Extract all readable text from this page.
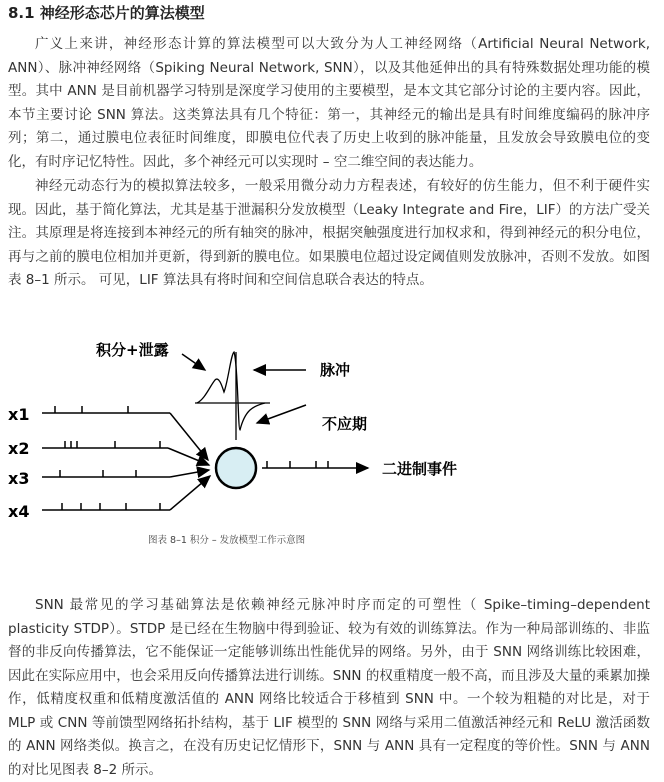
8.1 神经形态芯片的算法模型

广义上来讲，神经形态计算的算法模型可以大致分为人工神经网络（Artificial Neural Network, ANN）、脉冲神经网络（Spiking Neural Network, SNN），以及其他延伸出的具有特殊数据处理功能的模型。其中 ANN 是目前机器学习特别是深度学习使用的主要模型，是本文其它部分讨论的主要内容。因此，本节主要讨论 SNN 算法。这类算法具有几个特征：第一，其神经元的输出是具有时间维度编码的脉冲序列；第二，通过膜电位表征时间维度，即膜电位代表了历史上收到的脉冲能量，且发放会导致膜电位的变化，有时序记忆特性。因此，多个神经元可以实现时 – 空二维空间的表达能力。

神经元动态行为的模拟算法较多，一般采用微分动力方程表述，有较好的仿生能力，但不利于硬件实现。因此，基于简化算法，尤其是基于泄漏积分发放模型（Leaky Integrate and Fire，LIF）的方法广受关注。其原理是将连接到本神经元的所有轴突的脉冲，根据突触强度进行加权求和，得到神经元的积分电位，再与之前的膜电位相加并更新，得到新的膜电位。如果膜电位超过设定阈值则发放脉冲，否则不发放。如图表 8–1 所示。 可见，LIF 算法具有将时间和空间信息联合表达的特点。

积分+泄露
脉冲
不应期
二进制事件
x1
x2
x3
x4
图表 8–1 积分 – 发放模型工作示意图

SNN 最常见的学习基础算法是依赖神经元脉冲时序而定的可塑性（ Spike–timing–dependent plasticity STDP）。STDP 是已经在生物脑中得到验证、较为有效的训练算法。作为一种局部训练的、非监督的非反向传播算法，它不能保证一定能够训练出性能优异的网络。另外，由于 SNN 网络训练比较困难，因此在实际应用中，也会采用反向传播算法进行训练。SNN 的权重精度一般不高，而且涉及大量的乘累加操作，低精度权重和低精度激活值的 ANN 网络比较适合于移植到 SNN 中。一个较为粗糙的对比是，对于 MLP 或 CNN 等前馈型网络拓扑结构，基于 LIF 模型的 SNN 网络与采用二值激活神经元和 ReLU 激活函数的 ANN 网络类似。换言之，在没有历史记忆情形下，SNN 与 ANN 具有一定程度的等价性。SNN 与 ANN 的对比见图表 8–2 所示。
